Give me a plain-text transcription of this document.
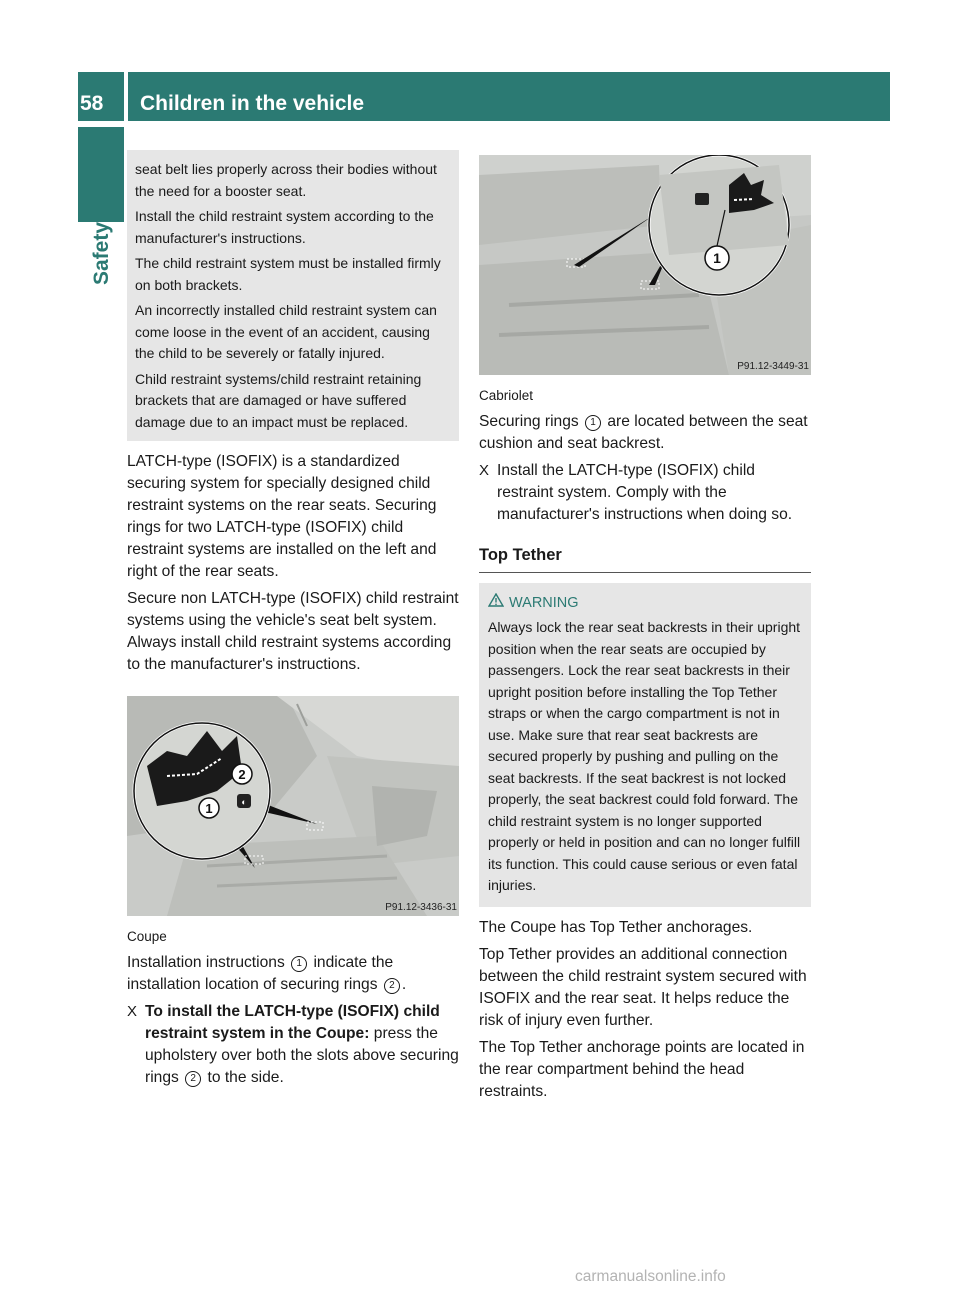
58	Children in the vehicle
Safety

seat belt lies properly across their bodies without the need for a booster seat.

Install the child restraint system according to the manufacturer's instructions.

The child restraint system must be installed firmly on both brackets.

An incorrectly installed child restraint system can come loose in the event of an accident, causing the child to be severely or fatally injured.

Child restraint systems/child restraint retaining brackets that are damaged or have suffered damage due to an impact must be replaced.

LATCH-type (ISOFIX) is a standardized securing system for specially designed child restraint systems on the rear seats. Securing rings for two LATCH-type (ISOFIX) child restraint systems are installed on the left and right of the rear seats.

Secure non LATCH-type (ISOFIX) child restraint systems using the vehicle's seat belt system. Always install child restraint systems according to the manufacturer's instructions.

◐
2
1
P91.12-3436-31
Coupe

Installation instructions 1 indicate the installation location of securing rings 2 .

X To install the LATCH-type (ISOFIX) child restraint system in the Coupe: press the upholstery over both the slots above securing rings 2 to the side.
1
P91.12-3449-31
Cabriolet

Securing rings 1 are located between the seat cushion and seat backrest.

X Install the LATCH-type (ISOFIX) child restraint system. Comply with the manufacturer's instructions when doing so.
Top Tether
WARNING

Always lock the rear seat backrests in their upright position when the rear seats are occupied by passengers. Lock the rear seat backrests in their upright position before installing the Top Tether straps or when the cargo compartment is not in use. Make sure that rear seat backrests are secured properly by pushing and pulling on the seat backrests. If the seat backrest is not locked properly, the seat backrest could fold forward. The child restraint system is no longer supported properly or held in position and can no longer fulfill its function. This could cause serious or even fatal injuries.

The Coupe has Top Tether anchorages.

Top Tether provides an additional connection between the child restraint system secured with ISOFIX and the rear seat. It helps reduce the risk of injury even further.

The Top Tether anchorage points are located in the rear compartment behind the head restraints.

carmanualsonline.info
